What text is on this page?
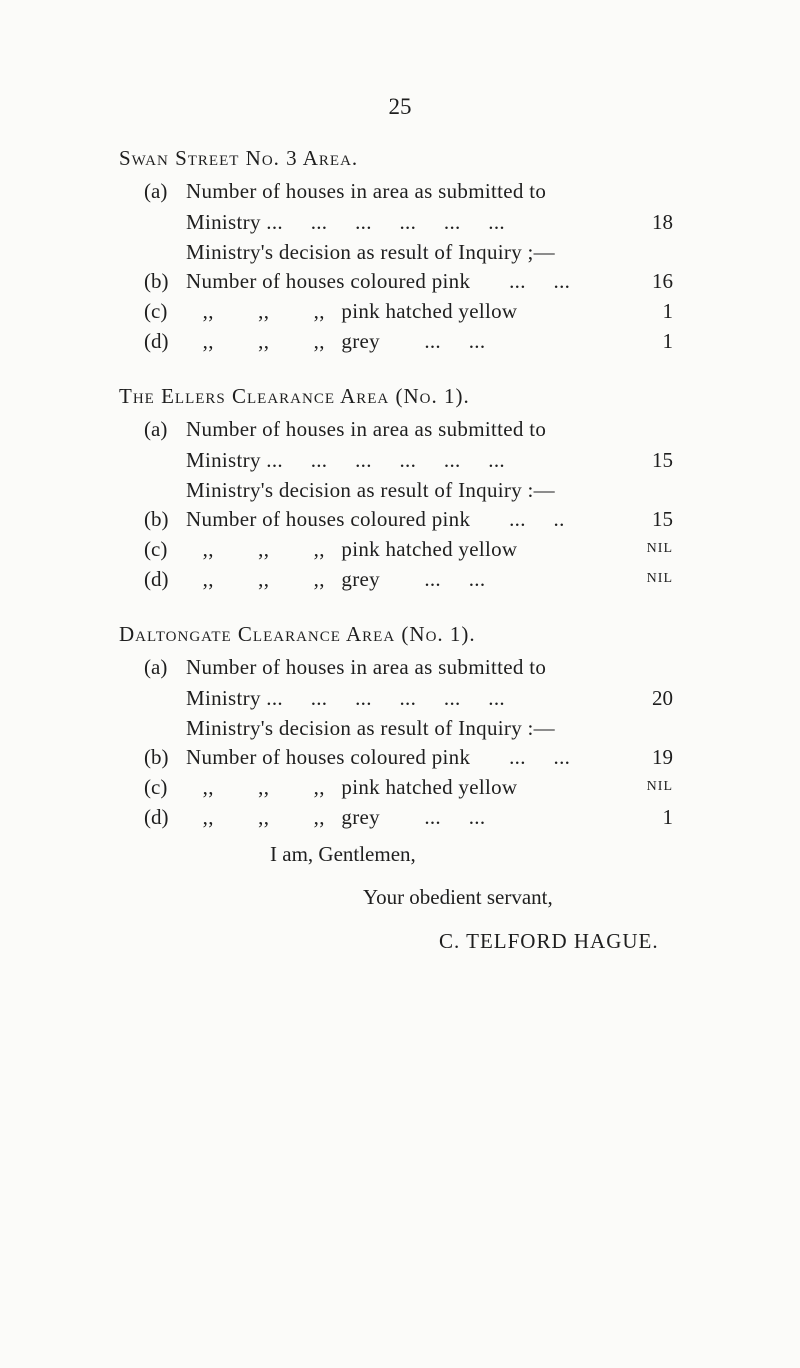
25
Swan Street No. 3 Area.
(a) Number of houses in area as submitted to
Ministry ...     ...     ...     ...     ...     ...	18
Ministry's decision as result of Inquiry ;—
(b) Number of houses coloured pink       ...     ...	16
(c) ,,        ,,        ,,   pink hatched yellow	1
(d) ,,        ,,        ,,   grey        ...     ...	1
The Ellers Clearance Area (No. 1).
(a) Number of houses in area as submitted to
Ministry ...     ...     ...     ...     ...     ...	15
Ministry's decision as result of Inquiry :—
(b) Number of houses coloured pink       ...     ..	15
(c) ,,        ,,        ,,   pink hatched yellow	NIL
(d) ,,        ,,        ,,   grey        ...     ...	NIL
Daltongate Clearance Area (No. 1).
(a) Number of houses in area as submitted to
Ministry ...     ...     ...     ...     ...     ...	20
Ministry's decision as result of Inquiry :—
(b) Number of houses coloured pink       ...     ...	19
(c) ,,        ,,        ,,   pink hatched yellow	NIL
(d) ,,        ,,        ,,   grey        ...     ...	1
I am, Gentlemen,
Your obedient servant,
C. TELFORD HAGUE.
